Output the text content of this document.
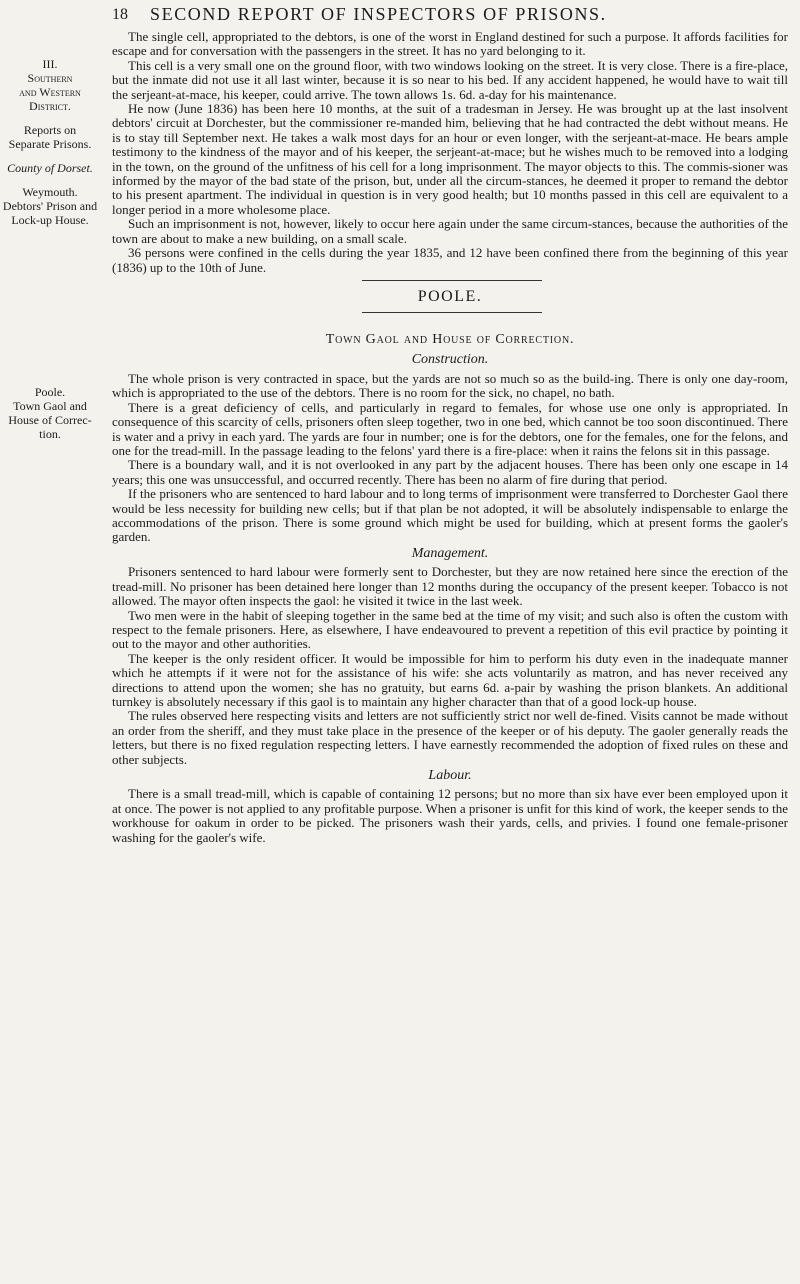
18 SECOND REPORT OF INSPECTORS OF PRISONS.
III.
Southern
and Western
District.
Reports on
Separate Prisons.
County of Dorset.
Weymouth.
Debtors' Prison and
Lock-up House.

The single cell, appropriated to the debtors, is one of the worst in England destined for such a purpose. It affords facilities for escape and for conversation with the passengers in the street. It has no yard belonging to it.

This cell is a very small one on the ground floor, with two windows looking on the street. It is very close. There is a fire-place, but the inmate did not use it all last winter, because it is so near to his bed. If any accident happened, he would have to wait till the serjeant-at-mace, his keeper, could arrive. The town allows 1s. 6d. a-day for his maintenance.

He now (June 1836) has been here 10 months, at the suit of a tradesman in Jersey. He was brought up at the last insolvent debtors' circuit at Dorchester, but the commissioner re-manded him, believing that he had contracted the debt without means. He is to stay till September next. He takes a walk most days for an hour or even longer, with the serjeant-at-mace. He bears ample testimony to the kindness of the mayor and of his keeper, the serjeant-at-mace; but he wishes much to be removed into a lodging in the town, on the ground of the unfitness of his cell for a long imprisonment. The mayor objects to this. The commis-sioner was informed by the mayor of the bad state of the prison, but, under all the circum-stances, he deemed it proper to remand the debtor to his present apartment. The individual in question is in very good health; but 10 months passed in this cell are equivalent to a longer period in a more wholesome place.

Such an imprisonment is not, however, likely to occur here again under the same circum-stances, because the authorities of the town are about to make a new building, on a small scale.

36 persons were confined in the cells during the year 1835, and 12 have been confined there from the beginning of this year (1836) up to the 10th of June.

POOLE.
Town Gaol and House of Correction.
Construction.
Poole.
Town Gaol and
House of Correc-
tion.

The whole prison is very contracted in space, but the yards are not so much so as the build-ing. There is only one day-room, which is appropriated to the use of the debtors. There is no room for the sick, no chapel, no bath.

There is a great deficiency of cells, and particularly in regard to females, for whose use one only is appropriated. In consequence of this scarcity of cells, prisoners often sleep together, two in one bed, which cannot be too soon discontinued. There is water and a privy in each yard. The yards are four in number; one is for the debtors, one for the females, one for the felons, and one for the tread-mill. In the passage leading to the felons' yard there is a fire-place: when it rains the felons sit in this passage.

There is a boundary wall, and it is not overlooked in any part by the adjacent houses. There has been only one escape in 14 years; this one was unsuccessful, and occurred recently. There has been no alarm of fire during that period.

If the prisoners who are sentenced to hard labour and to long terms of imprisonment were transferred to Dorchester Gaol there would be less necessity for building new cells; but if that plan be not adopted, it will be absolutely indispensable to enlarge the accommodations of the prison. There is some ground which might be used for building, which at present forms the gaoler's garden.

Management.

Prisoners sentenced to hard labour were formerly sent to Dorchester, but they are now retained here since the erection of the tread-mill. No prisoner has been detained here longer than 12 months during the occupancy of the present keeper. Tobacco is not allowed. The mayor often inspects the gaol: he visited it twice in the last week.

Two men were in the habit of sleeping together in the same bed at the time of my visit; and such also is often the custom with respect to the female prisoners. Here, as elsewhere, I have endeavoured to prevent a repetition of this evil practice by pointing it out to the mayor and other authorities.

The keeper is the only resident officer. It would be impossible for him to perform his duty even in the inadequate manner which he attempts if it were not for the assistance of his wife: she acts voluntarily as matron, and has never received any directions to attend upon the women; she has no gratuity, but earns 6d. a-pair by washing the prison blankets. An additional turnkey is absolutely necessary if this gaol is to maintain any higher character than that of a good lock-up house.

The rules observed here respecting visits and letters are not sufficiently strict nor well de-fined. Visits cannot be made without an order from the sheriff, and they must take place in the presence of the keeper or of his deputy. The gaoler generally reads the letters, but there is no fixed regulation respecting letters. I have earnestly recommended the adoption of fixed rules on these and other subjects.

Labour.

There is a small tread-mill, which is capable of containing 12 persons; but no more than six have ever been employed upon it at once. The power is not applied to any profitable purpose. When a prisoner is unfit for this kind of work, the keeper sends to the workhouse for oakum in order to be picked. The prisoners wash their yards, cells, and privies. I found one female-prisoner washing for the gaoler's wife.
